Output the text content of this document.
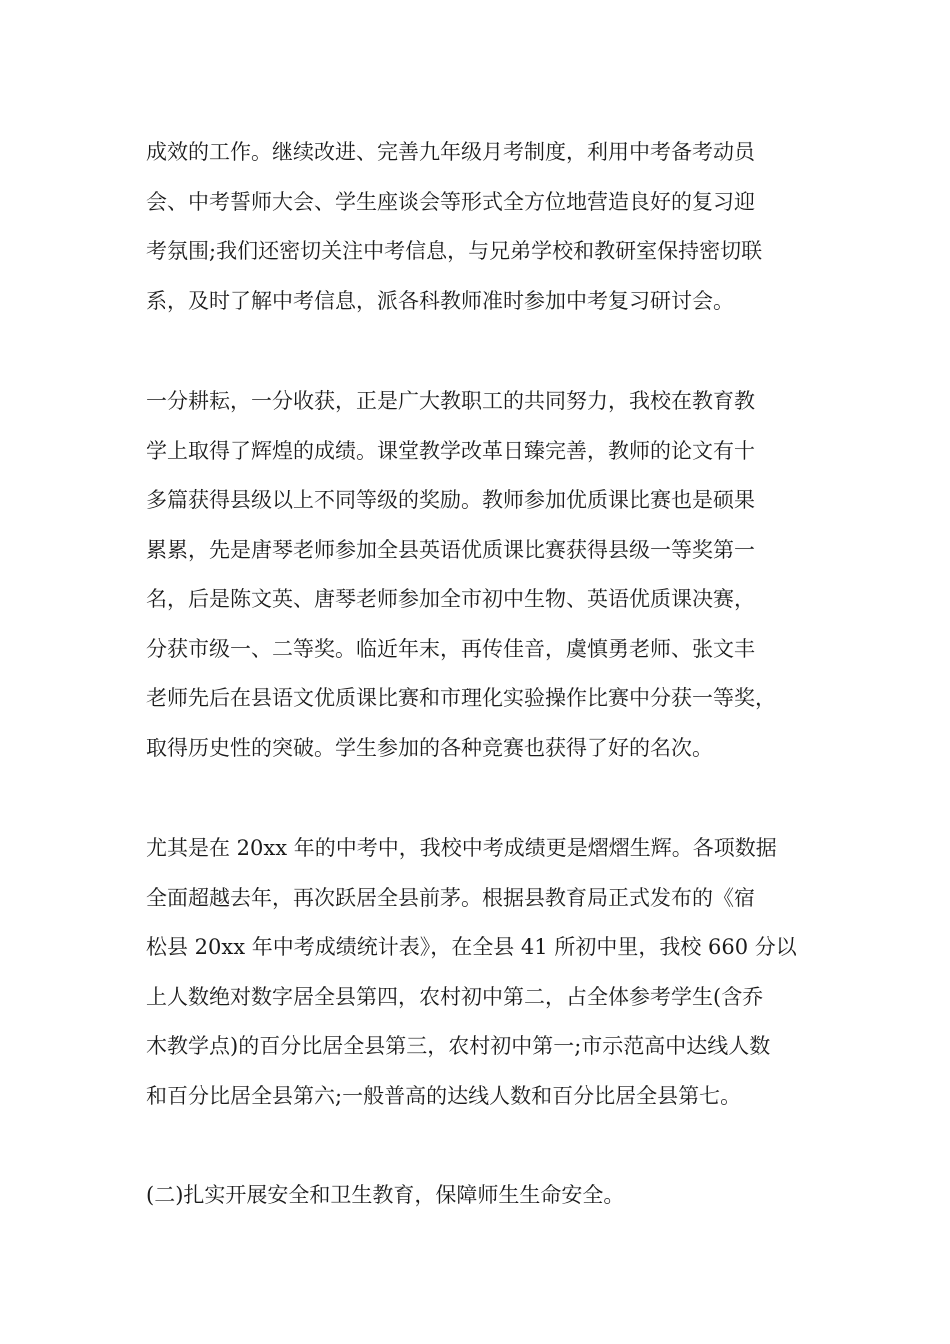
成效的工作。继续改进、完善九年级月考制度，利用中考备考动员
会、中考誓师大会、学生座谈会等形式全方位地营造良好的复习迎
考氛围;我们还密切关注中考信息，与兄弟学校和教研室保持密切联
系，及时了解中考信息，派各科教师准时参加中考复习研讨会。
一分耕耘，一分收获，正是广大教职工的共同努力，我校在教育教
学上取得了辉煌的成绩。课堂教学改革日臻完善，教师的论文有十
多篇获得县级以上不同等级的奖励。教师参加优质课比赛也是硕果
累累，先是唐琴老师参加全县英语优质课比赛获得县级一等奖第一
名，后是陈文英、唐琴老师参加全市初中生物、英语优质课决赛，
分获市级一、二等奖。临近年末，再传佳音，虞慎勇老师、张文丰
老师先后在县语文优质课比赛和市理化实验操作比赛中分获一等奖，
取得历史性的突破。学生参加的各种竞赛也获得了好的名次。
尤其是在 20xx 年的中考中，我校中考成绩更是熠熠生辉。各项数据
全面超越去年，再次跃居全县前茅。根据县教育局正式发布的《宿
松县 20xx 年中考成绩统计表》，在全县 41 所初中里，我校 660 分以
上人数绝对数字居全县第四，农村初中第二，占全体参考学生(含乔
木教学点)的百分比居全县第三，农村初中第一;市示范高中达线人数
和百分比居全县第六;一般普高的达线人数和百分比居全县第七。
(二)扎实开展安全和卫生教育，保障师生生命安全。
